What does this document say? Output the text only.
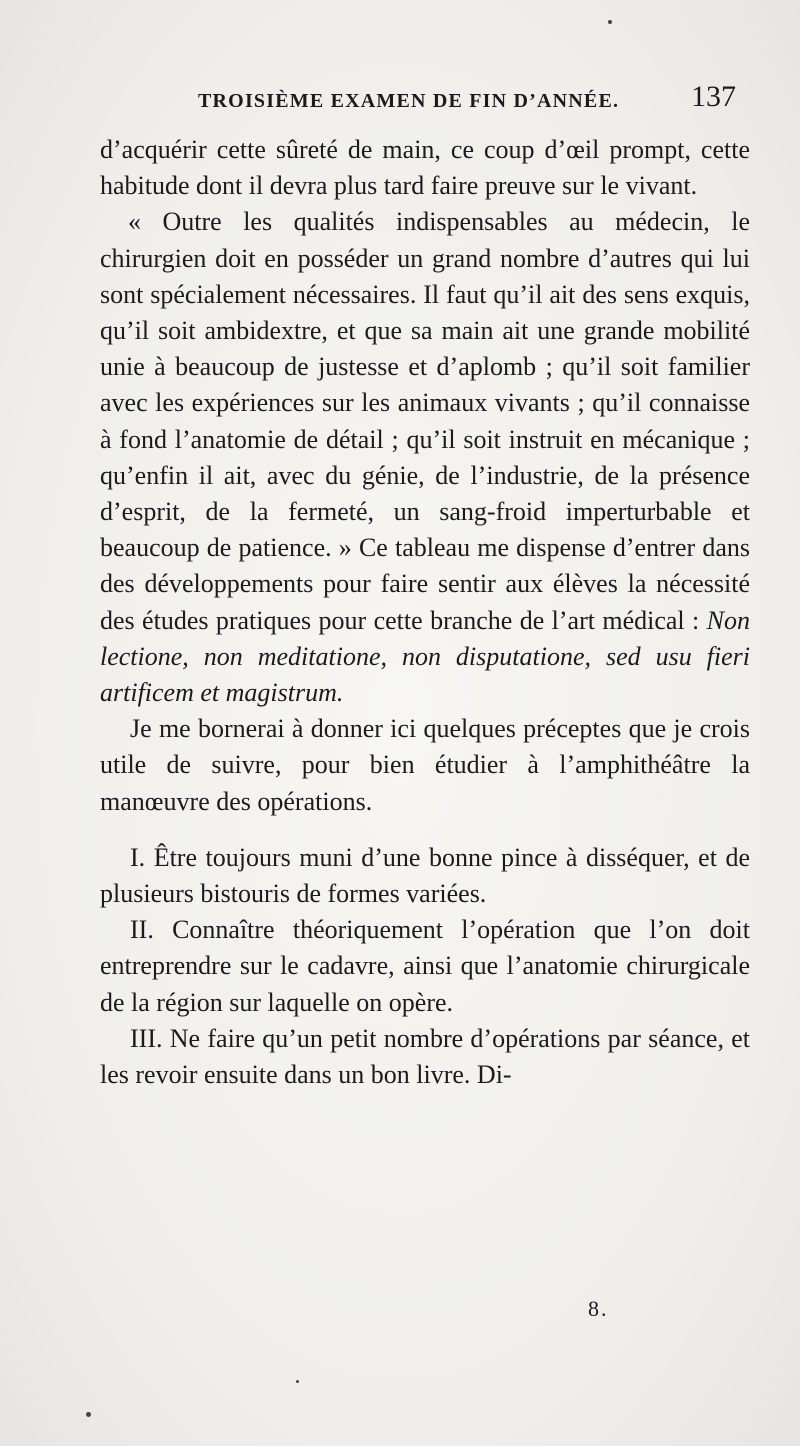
TROISIÈME EXAMEN DE FIN D’ANNÉE. 137

d’acquérir cette sûreté de main, ce coup d’œil prompt, cette habitude dont il devra plus tard faire preuve sur le vivant.

« Outre les qualités indispensables au médecin, le chirurgien doit en posséder un grand nombre d’autres qui lui sont spécialement nécessaires. Il faut qu’il ait des sens exquis, qu’il soit ambidextre, et que sa main ait une grande mobilité unie à beaucoup de justesse et d’aplomb ; qu’il soit familier avec les expériences sur les animaux vivants ; qu’il connaisse à fond l’anatomie de détail ; qu’il soit instruit en mécanique ; qu’enfin il ait, avec du génie, de l’industrie, de la présence d’esprit, de la fermeté, un sang-froid imperturbable et beaucoup de patience. » Ce tableau me dispense d’entrer dans des développements pour faire sentir aux élèves la nécessité des études pratiques pour cette branche de l’art médical : Non lectione, non meditatione, non disputatione, sed usu fieri artificem et magistrum.

Je me bornerai à donner ici quelques préceptes que je crois utile de suivre, pour bien étudier à l’amphithéâtre la manœuvre des opérations.

I. Être toujours muni d’une bonne pince à disséquer, et de plusieurs bistouris de formes variées.

II. Connaître théoriquement l’opération que l’on doit entreprendre sur le cadavre, ainsi que l’anatomie chirurgicale de la région sur laquelle on opère.

III. Ne faire qu’un petit nombre d’opérations par séance, et les revoir ensuite dans un bon livre. Di-

8.
